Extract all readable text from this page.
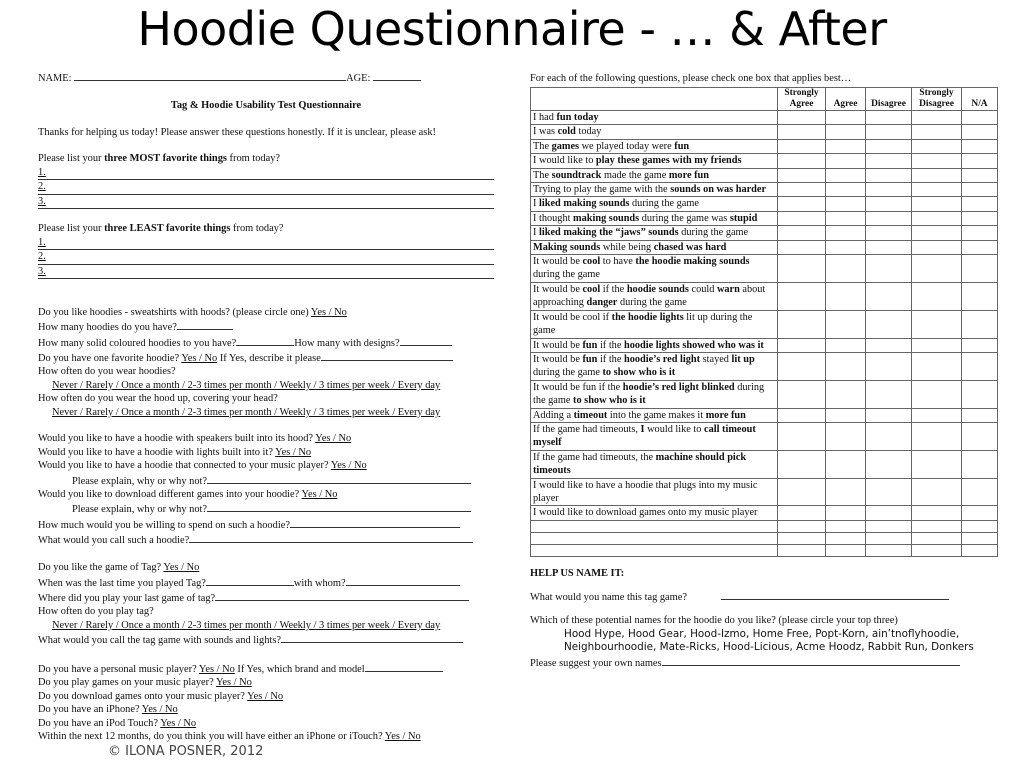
Hoodie Questionnaire - … & After
NAME:	AGE:
Tag & Hoodie Usability Test Questionnaire
Thanks for helping us today! Please answer these questions honestly. If it is unclear, please ask!
Please list your three MOST favorite things from today?
1.
2.
3.
Please list your three LEAST favorite things from today?
1.
2.
3.
Do you like hoodies - sweatshirts with hoods? (please circle one) Yes / No
How many hoodies do you have?
How many solid coloured hoodies to you have?	How many with designs?
Do you have one favorite hoodie? Yes / No If Yes, describe it please
How often do you wear hoodies?
Never / Rarely / Once a month / 2-3 times per month / Weekly / 3 times per week / Every day
How often do you wear the hood up, covering your head?
Never / Rarely / Once a month / 2-3 times per month / Weekly / 3 times per week / Every day
Would you like to have a hoodie with speakers built into its hood? Yes / No
Would you like to have a hoodie with lights built into it? Yes / No
Would you like to have a hoodie that connected to your music player? Yes / No
Please explain, why or why not?
Would you like to download different games into your hoodie? Yes / No
Please explain, why or why not?
How much would you be willing to spend on such a hoodie?
What would you call such a hoodie?
Do you like the game of Tag? Yes / No
When was the last time you played Tag?	with whom?
Where did you play your last game of tag?
How often do you play tag?
Never / Rarely / Once a month / 2-3 times per month / Weekly / 3 times per week / Every day
What would you call the tag game with sounds and lights?
Do you have a personal music player? Yes / No If Yes, which brand and model
Do you play games on your music player? Yes / No
Do you download games onto your music player? Yes / No
Do you have an iPhone? Yes / No
Do you have an iPod Touch? Yes / No
Within the next 12 months, do you think you will have either an iPhone or iTouch? Yes / No
For each of the following questions, please check one box that applies best…
	Strongly Agree	Agree	Disagree	Strongly Disagree	N/A
I had fun today					
I was cold today					
The games we played today were fun					
I would like to play these games with my friends					
The soundtrack made the game more fun					
Trying to play the game with the sounds on was harder					
I liked making sounds during the game					
I thought making sounds during the game was stupid					
I liked making the “jaws” sounds during the game					
Making sounds while being chased was hard					
It would be cool to have the hoodie making sounds during the game					
It would be cool if the hoodie sounds could warn about approaching danger during the game					
It would be cool if the hoodie lights lit up during the game					
It would be fun if the hoodie lights showed who was it					
It would be fun if the hoodie’s red light stayed lit up during the game to show who is it					
It would be fun if the hoodie’s red light blinked during the game to show who is it					
Adding a timeout into the game makes it more fun					
If the game had timeouts, I would like to call timeout myself					
If the game had timeouts, the machine should pick timeouts					
I would like to have a hoodie that plugs into my music player					
I would like to download games onto my music player					

HELP US NAME IT:
What would you name this tag game?
Which of these potential names for the hoodie do you like? (please circle your top three)
Hood Hype, Hood Gear, Hood-Izmo, Home Free, Popt-Korn, ain’tnoflyhoodie,
Neighbourhoodie, Mate-Ricks, Hood-Licious, Acme Hoodz, Rabbit Run, Donkers
Please suggest your own names
© ILONA POSNER, 2012
